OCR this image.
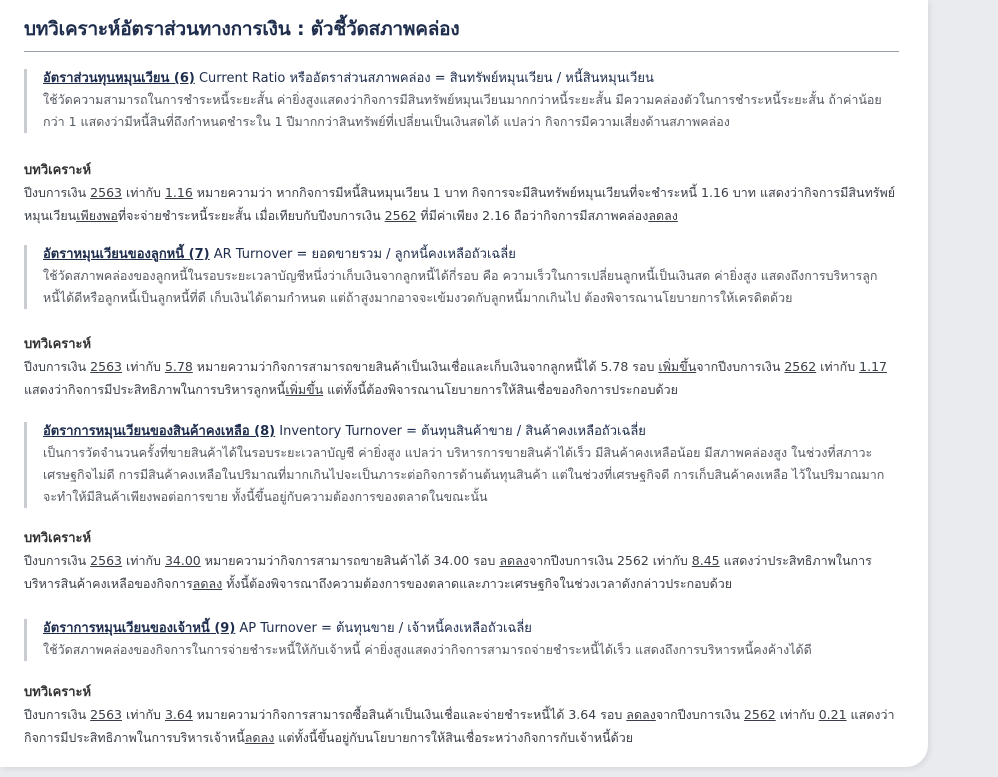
บทวิเคราะห์อัตราส่วนทางการเงิน : ตัวชี้วัดสภาพคล่อง
อัตราส่วนทุนหมุนเวียน (6) Current Ratio หรืออัตราส่วนสภาพคล่อง = สินทรัพย์หมุนเวียน / หนี้สินหมุนเวียน
ใช้วัดความสามารถในการชำระหนี้ระยะสั้น ค่ายิ่งสูงแสดงว่ากิจการมีสินทรัพย์หมุนเวียนมากกว่าหนี้ระยะสั้น มีความคล่องตัวในการชำระหนี้ระยะสั้น ถ้าค่าน้อยกว่า 1 แสดงว่ามีหนี้สินที่ถึงกำหนดชำระใน 1 ปีมากกว่าสินทรัพย์ที่เปลี่ยนเป็นเงินสดได้ แปลว่า กิจการมีความเสี่ยงด้านสภาพคล่อง
บทวิเคราะห์
ปีงบการเงิน 2563 เท่ากับ 1.16 หมายความว่า หากกิจการมีหนี้สินหมุนเวียน 1 บาท กิจการจะมีสินทรัพย์หมุนเวียนที่จะชำระหนี้ 1.16 บาท แสดงว่ากิจการมีสินทรัพย์หมุนเวียนเพียงพอที่จะจ่ายชำระหนี้ระยะสั้น เมื่อเทียบกับปีงบการเงิน 2562 ที่มีค่าเพียง 2.16 ถือว่ากิจการมีสภาพคล่องลดลง
อัตราหมุนเวียนของลูกหนี้ (7) AR Turnover = ยอดขายรวม / ลูกหนี้คงเหลือถัวเฉลี่ย
ใช้วัดสภาพคล่องของลูกหนี้ในรอบระยะเวลาบัญชีหนึ่งว่าเก็บเงินจากลูกหนี้ได้กี่รอบ คือ ความเร็วในการเปลี่ยนลูกหนี้เป็นเงินสด ค่ายิ่งสูง แสดงถึงการบริหารลูกหนี้ได้ดีหรือลูกหนี้เป็นลูกหนี้ที่ดี เก็บเงินได้ตามกำหนด แต่ถ้าสูงมากอาจจะเข้มงวดกับลูกหนี้มากเกินไป ต้องพิจารณานโยบายการให้เครดิตด้วย
บทวิเคราะห์
ปีงบการเงิน 2563 เท่ากับ 5.78 หมายความว่ากิจการสามารถขายสินค้าเป็นเงินเชื่อและเก็บเงินจากลูกหนี้ได้ 5.78 รอบ เพิ่มขึ้นจากปีงบการเงิน 2562 เท่ากับ 1.17 แสดงว่ากิจการมีประสิทธิภาพในการบริหารลูกหนี้เพิ่มขึ้น แต่ทั้งนี้ต้องพิจารณานโยบายการให้สินเชื่อของกิจการประกอบด้วย
อัตราการหมุนเวียนของสินค้าคงเหลือ (8) Inventory Turnover = ต้นทุนสินค้าขาย / สินค้าคงเหลือถัวเฉลี่ย
เป็นการวัดจำนวนครั้งที่ขายสินค้าได้ในรอบระยะเวลาบัญชี ค่ายิ่งสูง แปลว่า บริหารการขายสินค้าได้เร็ว มีสินค้าคงเหลือน้อย มีสภาพคล่องสูง ในช่วงที่สภาวะเศรษฐกิจไม่ดี การมีสินค้าคงเหลือในปริมาณที่มากเกินไปจะเป็นภาระต่อกิจการด้านต้นทุนสินค้า แต่ในช่วงที่เศรษฐกิจดี การเก็บสินค้าคงเหลือ ไว้ในปริมาณมากจะทำให้มีสินค้าเพียงพอต่อการขาย ทั้งนี้ขึ้นอยู่กับความต้องการของตลาดในขณะนั้น
บทวิเคราะห์
ปีงบการเงิน 2563 เท่ากับ 34.00 หมายความว่ากิจการสามารถขายสินค้าได้ 34.00 รอบ ลดลงจากปีงบการเงิน 2562 เท่ากับ 8.45 แสดงว่าประสิทธิภาพในการบริหารสินค้าคงเหลือของกิจการลดลง ทั้งนี้ต้องพิจารณาถึงความต้องการของตลาดและภาวะเศรษฐกิจในช่วงเวลาดังกล่าวประกอบด้วย
อัตราการหมุนเวียนของเจ้าหนี้ (9) AP Turnover = ต้นทุนขาย / เจ้าหนี้คงเหลือถัวเฉลี่ย
ใช้วัดสภาพคล่องของกิจการในการจ่ายชำระหนี้ให้กับเจ้าหนี้ ค่ายิ่งสูงแสดงว่ากิจการสามารถจ่ายชำระหนี้ได้เร็ว แสดงถึงการบริหารหนี้คงค้างได้ดี
บทวิเคราะห์
ปีงบการเงิน 2563 เท่ากับ 3.64 หมายความว่ากิจการสามารถซื้อสินค้าเป็นเงินเชื่อและจ่ายชำระหนี้ได้ 3.64 รอบ ลดลงจากปีงบการเงิน 2562 เท่ากับ 0.21 แสดงว่ากิจการมีประสิทธิภาพในการบริหารเจ้าหนี้ลดลง แต่ทั้งนี้ขึ้นอยู่กับนโยบายการให้สินเชื่อระหว่างกิจการกับเจ้าหนี้ด้วย
